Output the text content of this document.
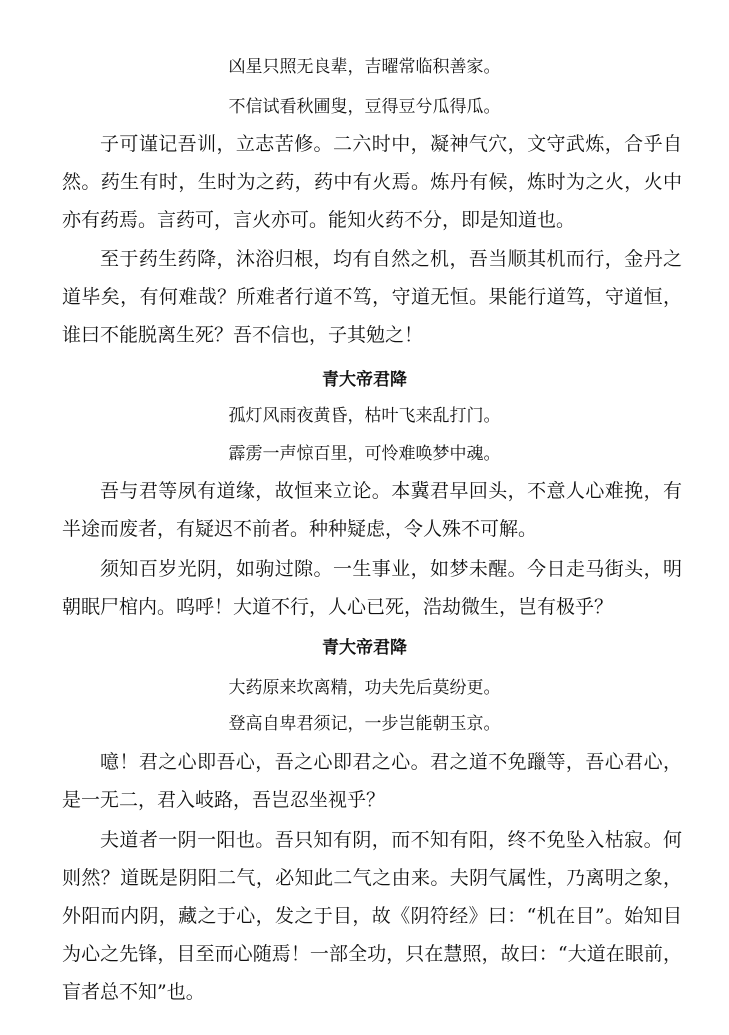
凶星只照无良辈，吉曜常临积善家。
不信试看秋圃叟，豆得豆兮瓜得瓜。
子可谨记吾训，立志苦修。二六时中，凝神气穴，文守武炼，合乎自然。药生有时，生时为之药，药中有火焉。炼丹有候，炼时为之火，火中亦有药焉。言药可，言火亦可。能知火药不分，即是知道也。
至于药生药降，沐浴归根，均有自然之机，吾当顺其机而行，金丹之道毕矣，有何难哉？所难者行道不笃，守道无恒。果能行道笃，守道恒，谁曰不能脱离生死？吾不信也，子其勉之！
青大帝君降
孤灯风雨夜黄昏，枯叶飞来乱打门。
霹雳一声惊百里，可怜难唤梦中魂。
吾与君等夙有道缘，故恒来立论。本冀君早回头，不意人心难挽，有半途而废者，有疑迟不前者。种种疑虑，令人殊不可解。
须知百岁光阴，如驹过隙。一生事业，如梦未醒。今日走马街头，明朝眠尸棺内。呜呼！大道不行，人心已死，浩劫微生，岂有极乎？
青大帝君降
大药原来坎离精，功夫先后莫纷更。
登高自卑君须记，一步岂能朝玉京。
噫！君之心即吾心，吾之心即君之心。君之道不免躐等，吾心君心，是一无二，君入岐路，吾岂忍坐视乎？
夫道者一阴一阳也。吾只知有阴，而不知有阳，终不免坠入枯寂。何则然？道既是阴阳二气，必知此二气之由来。夫阴气属性，乃离明之象，外阳而内阴，藏之于心，发之于目，故《阴符经》曰：“机在目”。始知目为心之先锋，目至而心随焉！一部全功，只在慧照，故曰：“大道在眼前，盲者总不知”也。
